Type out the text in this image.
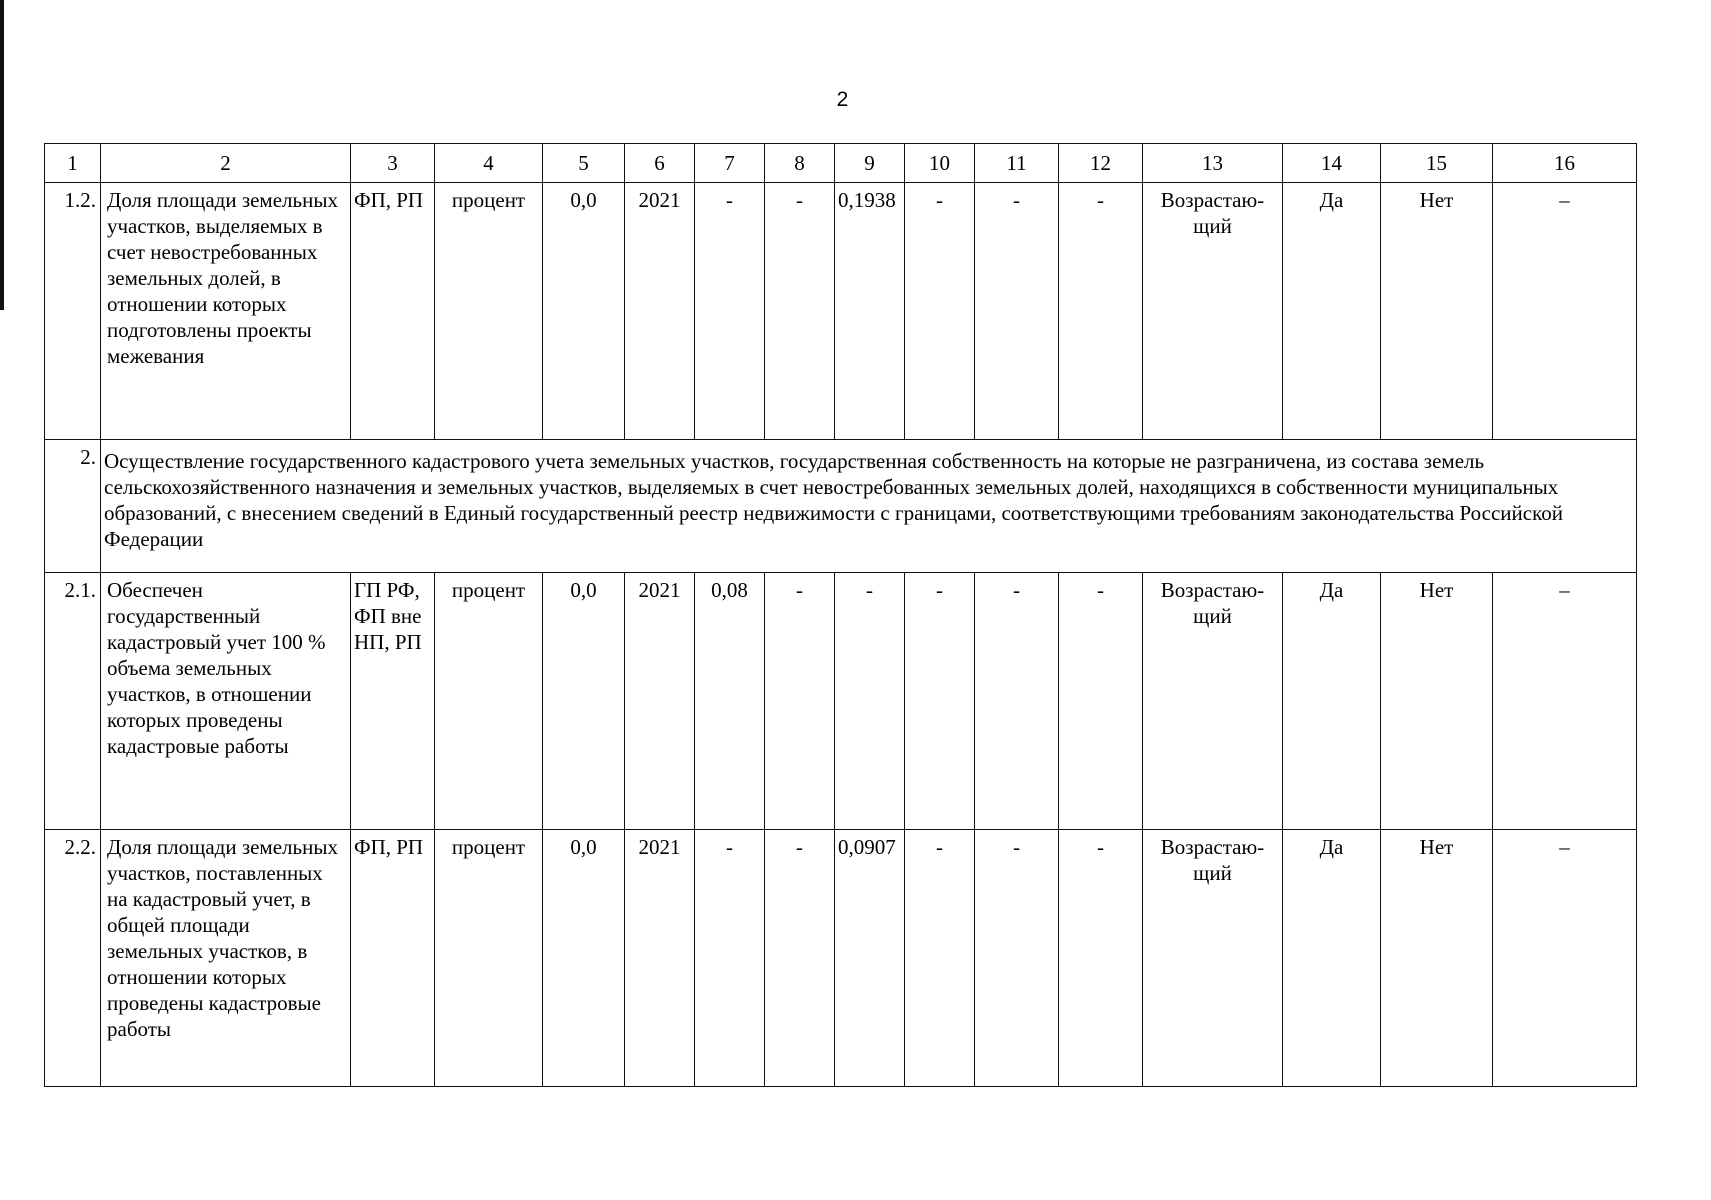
2
1	2	3	4	5	6	7	8	9	10	11	12	13	14	15	16
1.2.	Доля площади земельных участков, выделяемых в счет невостребованных земельных долей, в отношении которых подготовлены проекты межевания	ФП, РП	процент	0,0	2021	-	-	0,1938	-	-	-	Возрастаю-щий	Да	Нет	–
2.	Осуществление государственного кадастрового учета земельных участков, государственная собственность на которые не разграничена, из состава земель сельскохозяйственного назначения и земельных участков, выделяемых в счет невостребованных земельных долей, находящихся в собственности муниципальных образований, с внесением сведений в Единый государственный реестр недвижимости с границами, соответствующими требованиям законодательства Российской Федерации														
2.1.	Обеспечен государственный кадастровый учет 100 % объема земельных участков, в отношении которых проведены кадастровые работы	ГП РФ, ФП вне НП, РП	процент	0,0	2021	0,08	-	-	-	-	-	Возрастаю-щий	Да	Нет	–
2.2.	Доля площади земельных участков, поставленных на кадастровый учет, в общей площади земельных участков, в отношении которых проведены кадастровые работы	ФП, РП	процент	0,0	2021	-	-	0,0907	-	-	-	Возрастаю-щий	Да	Нет	–
